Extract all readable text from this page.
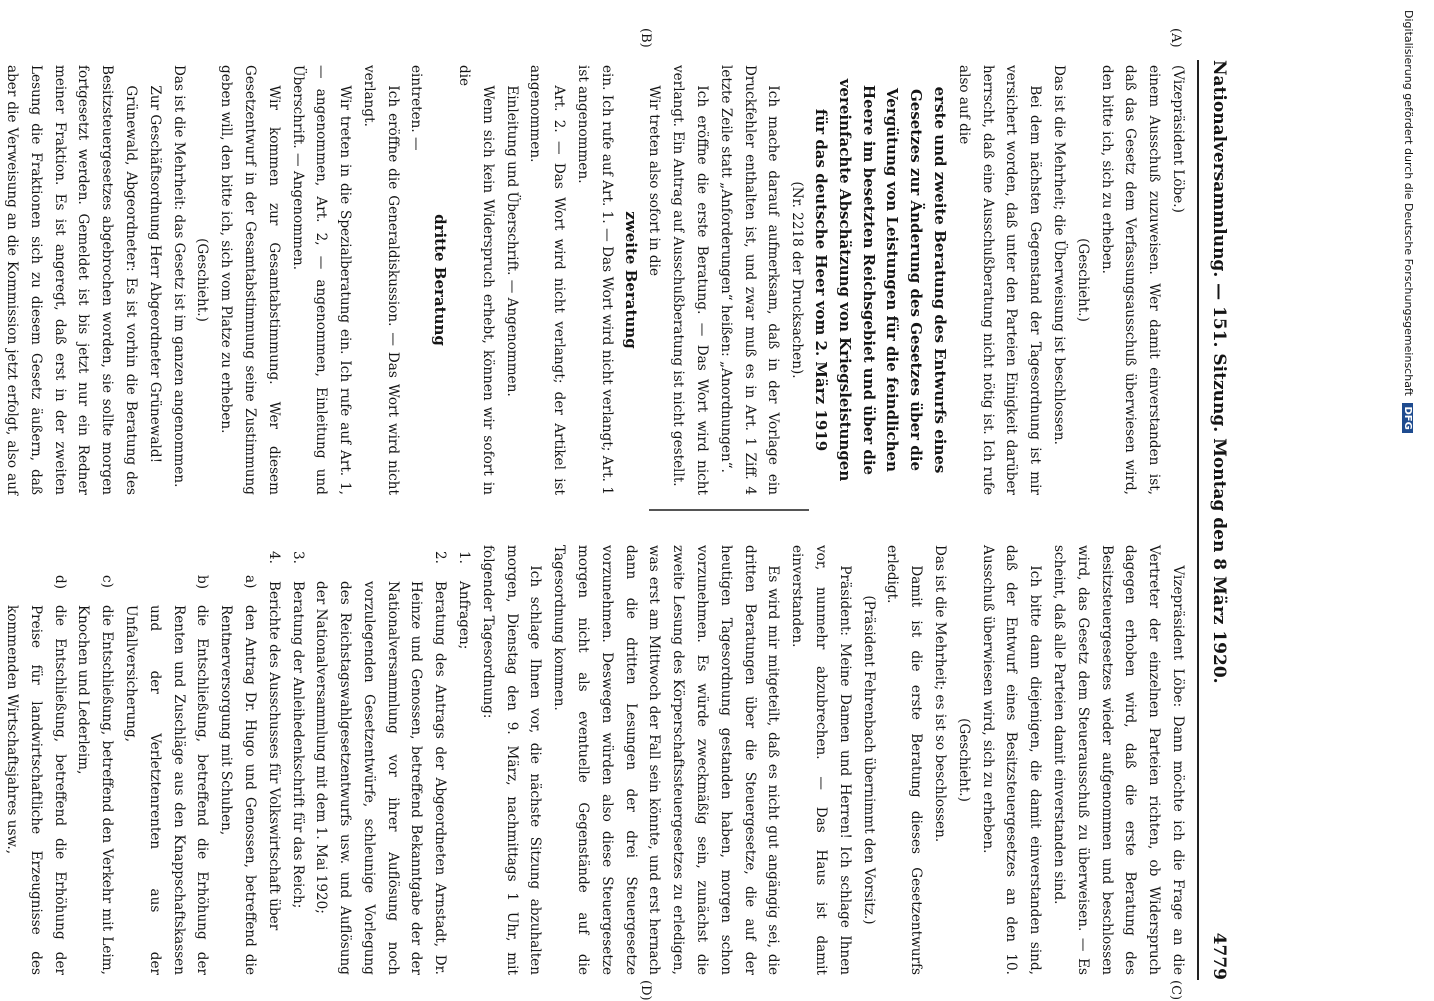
Nationalversammlung. — 151. Sitzung. Montag den 8 März 1920.
4779
(A)
(B)
(C)
(D)

(Vizepräsident Löbe.)

einem Ausschuß zuzuweisen. Wer damit einverstanden ist, daß das Gesetz dem Verfassungsausschuß überwiesen wird, den bitte ich, sich zu erheben.

(Geschieht.)

Das ist die Mehrheit; die Überweisung ist beschlossen.

Bei dem nächsten Gegenstand der Tagesordnung ist mir versichert worden, daß unter den Parteien Einigkeit darüber herrscht, daß eine Ausschußberatung nicht nötig ist. Ich rufe also auf die

erste und zweite Beratung des Entwurfs eines Gesetzes zur Änderung des Gesetzes über die Vergütung von Leistungen für die feindlichen Heere im besetzten Reichsgebiet und über die vereinfachte Abschätzung von Kriegsleistungen für das deutsche Heer vom 2. März 1919

(Nr. 2218 der Drucksachen).

Ich mache darauf aufmerksam, daß in der Vorlage ein Druckfehler enthalten ist, und zwar muß es in Art. 1 Ziff. 4 letzte Zeile statt „Anforderungen“ heißen: „Anordnungen“.

Ich eröffne die erste Beratung. — Das Wort wird nicht verlangt. Ein Antrag auf Ausschußberatung ist nicht gestellt.

Wir treten also sofort in die

zweite Beratung

ein. Ich rufe auf Art. 1. — Das Wort wird nicht verlangt; Art. 1 ist angenommen.

Art. 2. — Das Wort wird nicht verlangt; der Artikel ist angenommen.

Einleitung und Überschrift. — Angenommen.

Wenn sich kein Widerspruch erhebt, können wir sofort in die

dritte Beratung

eintreten. —

Ich eröffne die Generaldiskussion. — Das Wort wird nicht verlangt.

Wir treten in die Spezialberatung ein. Ich rufe auf Art. 1, — angenommen, Art. 2, — angenommen, Einleitung und Überschrift. — Angenommen.

Wir kommen zur Gesamtabstimmung. Wer diesem Gesetzentwurf in der Gesamtabstimmung seine Zustimmung geben will, den bitte ich, sich vom Platze zu erheben.

(Geschieht.)

Das ist die Mehrheit: das Gesetz ist im ganzen angenommen.

Zur Geschäftsordnung Herr Abgeordneter Grünewald!

Grünewald, Abgeordneter: Es ist vorhin die Beratung des Besitzsteuergesetzes abgebrochen worden, sie sollte morgen fortgesetzt werden. Gemeldet ist bis jetzt nur ein Redner meiner Fraktion. Es ist angeregt, daß erst in der zweiten Lesung die Fraktionen sich zu diesem Gesetz äußern, daß aber die Verweisung an die Kommission jetzt erfolgt, also auf

Vizepräsident Löbe: Dann möchte ich die Frage an die Vertreter der einzelnen Parteien richten, ob Widerspruch dagegen erhoben wird, daß die erste Beratung des Besitzsteuergesetzes wieder aufgenommen und beschlossen wird, das Gesetz dem Steuerausschuß zu überweisen. — Es scheint, daß alle Parteien damit einverstanden sind.

Ich bitte dann diejenigen, die damit einverstanden sind, daß der Entwurf eines Besitzsteuergesetzes an den 10. Ausschuß überwiesen wird, sich zu erheben.

(Geschieht.)

Das ist die Mehrheit; es ist so beschlossen.

Damit ist die erste Beratung dieses Gesetzentwurfs erledigt.

(Präsident Fehrenbach übernimmt den Vorsitz.)

Präsident: Meine Damen und Herren! Ich schlage Ihnen vor, nunmehr abzubrechen. — Das Haus ist damit einverstanden.

Es wird mir mitgeteilt, daß es nicht gut angängig sei, die dritten Beratungen über die Steuergesetze, die auf der heutigen Tagesordnung gestanden haben, morgen schon vorzunehmen. Es würde zweckmäßig sein, zunächst die zweite Lesung des Körperschaftssteuergesetzes zu erledigen, was erst am Mittwoch der Fall sein könnte, und erst hernach dann die dritten Lesungen der drei Steuergesetze vorzunehmen. Deswegen würden also diese Steuergesetze morgen nicht als eventuelle Gegenstände auf die Tagesordnung kommen.

Ich schlage Ihnen vor, die nächste Sitzung abzuhalten morgen, Dienstag den 9. März, nachmittags 1 Uhr, mit folgender Tagesordnung:

1.
Anfragen;
2.
Beratung des Antrags der Abgeordneten Arnstadt, Dr. Heinze und Genossen, betreffend Bekanntgabe der der Nationalversammlung vor ihrer Auflösung noch vorzulegenden Gesetzentwürfe, schleunige Vorlegung des Reichstagswahlgesetzentwurfs usw. und Auflösung der Nationalversammlung mit dem 1. Mai 1920;
3.
Beratung der Anleihedenkschrift für das Reich;
4.
Berichte des Ausschusses für Volkswirtschaft über
a)
den Antrag Dr. Hugo und Genossen, betreffend die Rentnerversorgung mit Schuhen,
b)
die Entschließung, betreffend die Erhöhung der Renten und Zuschläge aus den Knappschaftskassen und der Verletztenrenten aus der Unfallversicherung,
c)
die Entschließung, betreffend den Verkehr mit Leim, Knochen und Lederleim,
d)
die Entschließung, betreffend die Erhöhung der Preise für landwirtschaftliche Erzeugnisse des kommenden Wirtschaftsjahres usw.,

Digitalisierung gefördert durch die Deutsche Forschungsgemeinschaft DFG
